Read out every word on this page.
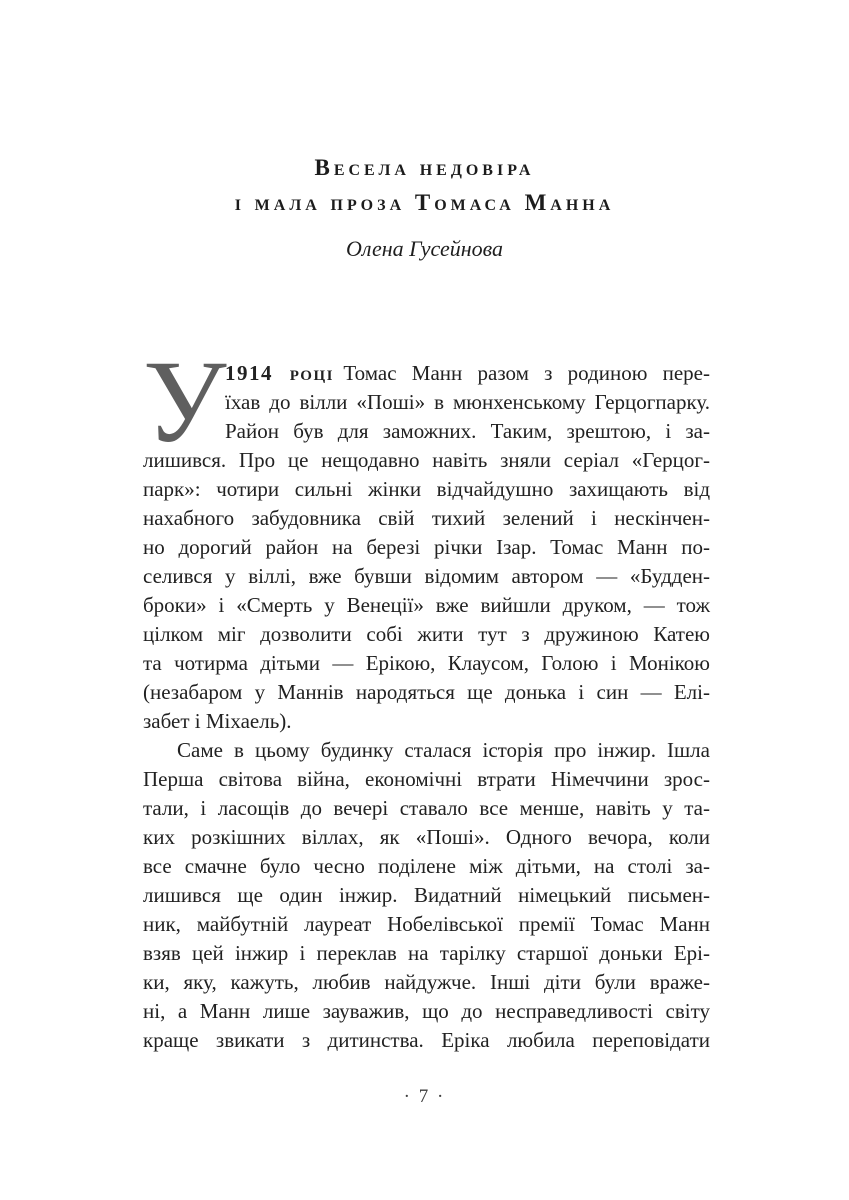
Весела недовіра
і мала проза Томаса Манна
Олена Гусейнова
У
1914 році Томас Манн разом з родиною пере-
їхав до вілли «Поші» в мюнхенському Герцогпарку.
Район був для заможних. Таким, зрештою, і за-
лишився. Про це нещодавно навіть зняли серіал «Герцог-
парк»: чотири сильні жінки відчайдушно захищають від
нахабного забудовника свій тихий зелений і нескінчен-
но дорогий район на березі річки Ізар. Томас Манн по-
селився у віллі, вже бувши відомим автором — «Будден-
броки» і «Смерть у Венеції» вже вийшли друком, — тож
цілком міг дозволити собі жити тут з дружиною Катею
та чотирма дітьми — Ерікою, Клаусом, Голою і Монікою
(незабаром у Маннів народяться ще донька і син — Елі-
забет і Міхаель).
Саме в цьому будинку сталася історія про інжир. Ішла
Перша світова війна, економічні втрати Німеччини зрос-
тали, і ласощів до вечері ставало все менше, навіть у та-
ких розкішних віллах, як «Поші». Одного вечора, коли
все смачне було чесно поділене між дітьми, на столі за-
лишився ще один інжир. Видатний німецький письмен-
ник, майбутній лауреат Нобелівської премії Томас Манн
взяв цей інжир і переклав на тарілку старшої доньки Ері-
ки, яку, кажуть, любив найдужче. Інші діти були враже-
ні, а Манн лише зауважив, що до несправедливості світу
краще звикати з дитинства. Еріка любила переповідати
· 7 ·
